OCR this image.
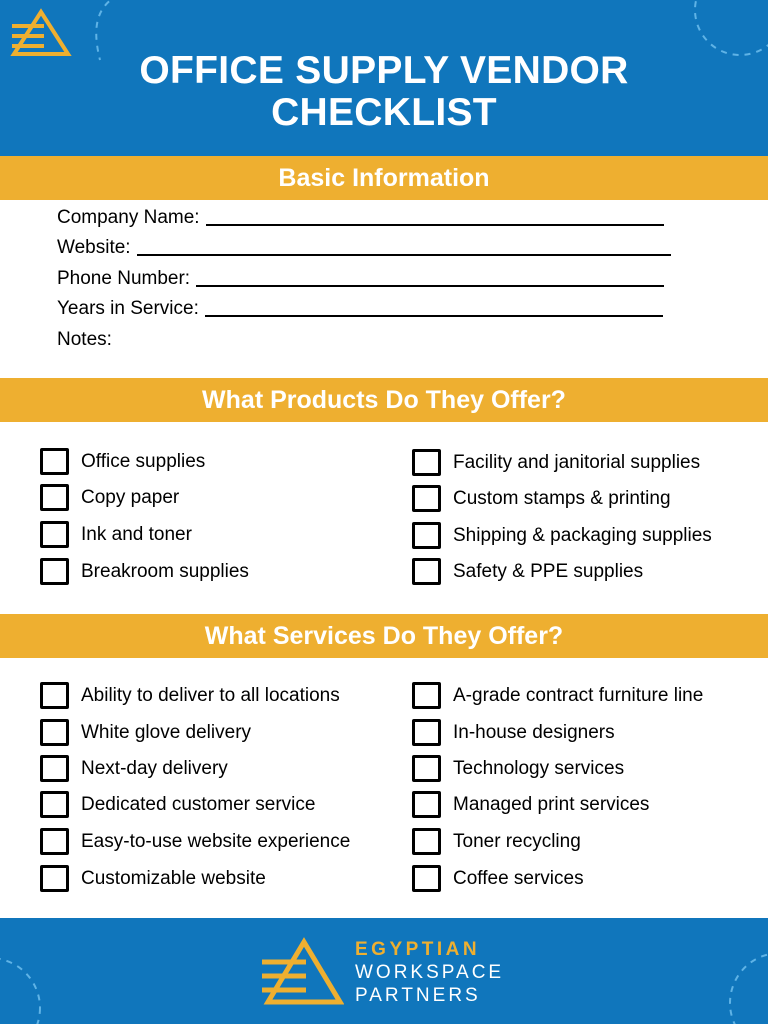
OFFICE SUPPLY VENDOR
CHECKLIST
Basic Information
Company Name:
Website:
Phone Number:
Years in Service:
Notes:
What Products Do They Offer?
Office supplies
Copy paper
Ink and toner
Breakroom supplies
Facility and janitorial supplies
Custom stamps & printing
Shipping & packaging supplies
Safety & PPE supplies
What Services Do They Offer?
Ability to deliver to all locations
White glove delivery
Next-day delivery
Dedicated customer service
Easy-to-use website experience
Customizable website
A-grade contract furniture line
In-house designers
Technology services
Managed print services
Toner recycling
Coffee services
EGYPTIAN
WORKSPACE
PARTNERS
